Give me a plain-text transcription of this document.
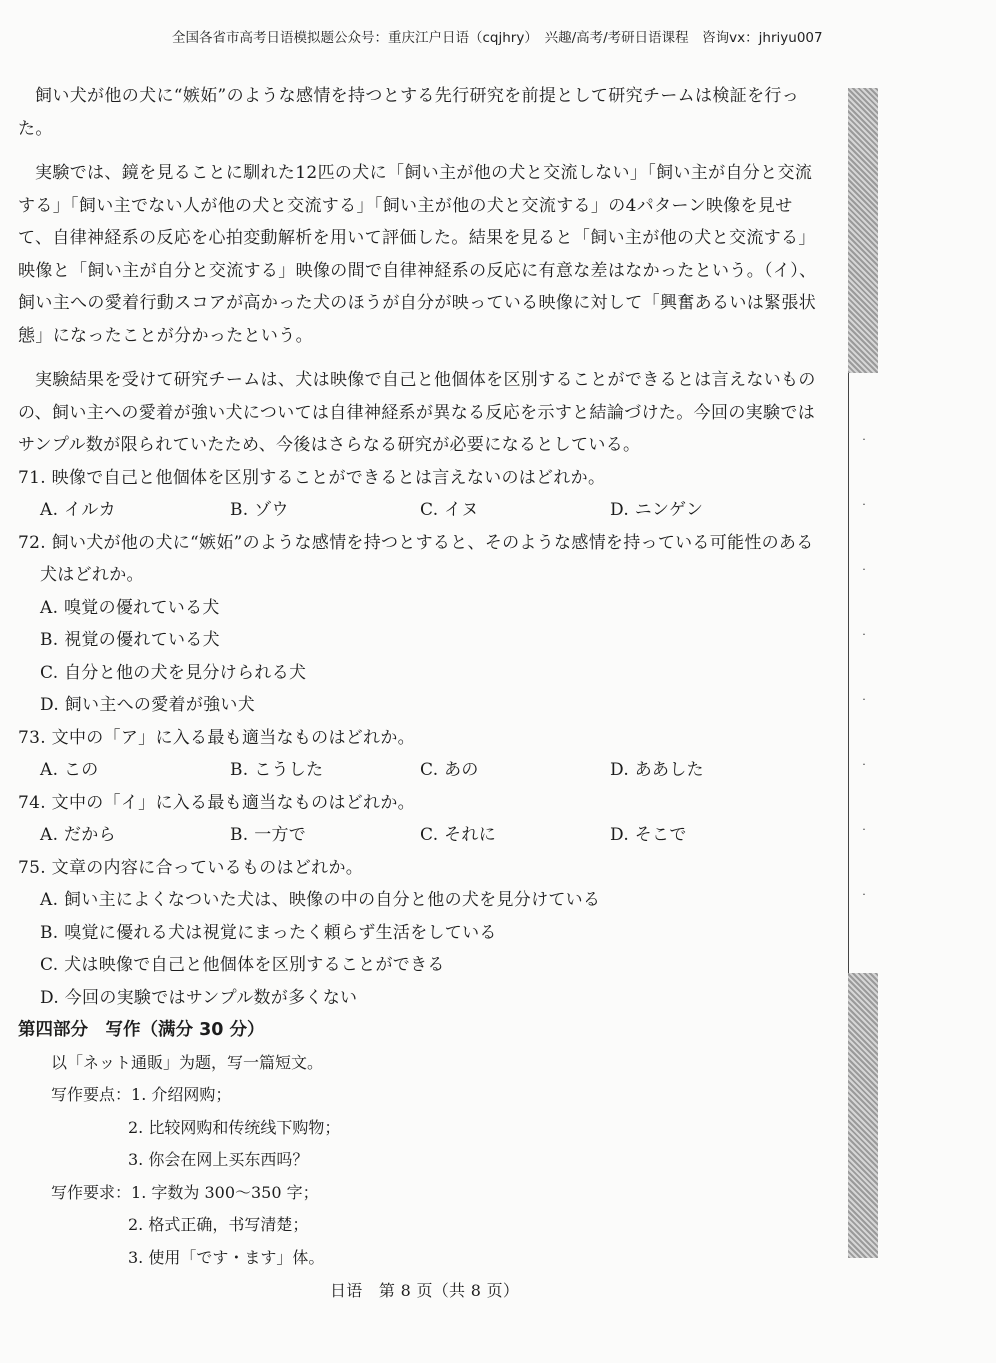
全国各省市高考日语模拟题公众号：重庆江户日语（cqjhry）　兴趣/高考/考研日语课程　咨询vx：jhriyu007

飼い犬が他の犬に“嫉妬”のような感情を持つとする先行研究を前提として研究チームは検証を行った。

実験では、鏡を見ることに馴れた12匹の犬に「飼い主が他の犬と交流しない」「飼い主が自分と交流する」「飼い主でない人が他の犬と交流する」「飼い主が他の犬と交流する」の4パターン映像を見せて、自律神経系の反応を心拍変動解析を用いて評価した。結果を見ると「飼い主が他の犬と交流する」映像と「飼い主が自分と交流する」映像の間で自律神経系の反応に有意な差はなかったという。（イ）、飼い主への愛着行動スコアが高かった犬のほうが自分が映っている映像に対して「興奮あるいは緊張状態」になったことが分かったという。

実験結果を受けて研究チームは、犬は映像で自己と他個体を区別することができるとは言えないものの、飼い主への愛着が強い犬については自律神経系が異なる反応を示すと結論づけた。今回の実験ではサンプル数が限られていたため、今後はさらなる研究が必要になるとしている。

71. 映像で自己と他個体を区別することができるとは言えないのはどれか。

A. イルカ	B. ゾウ	C. イヌ	D. ニンゲン

72. 飼い犬が他の犬に“嫉妬”のような感情を持つとすると、そのような感情を持っている可能性のある

犬はどれか。

A. 嗅覚の優れている犬
B. 視覚の優れている犬
C. 自分と他の犬を見分けられる犬
D. 飼い主への愛着が強い犬

73. 文中の「ア」に入る最も適当なものはどれか。

A. この	B. こうした	C. あの	D. ああした

74. 文中の「イ」に入る最も適当なものはどれか。

A. だから	B. 一方で	C. それに	D. そこで

75. 文章の内容に合っているものはどれか。

A. 飼い主によくなついた犬は、映像の中の自分と他の犬を見分けている
B. 嗅覚に優れる犬は視覚にまったく頼らず生活をしている
C. 犬は映像で自己と他個体を区別することができる
D. 今回の実験ではサンプル数が多くない

第四部分　写作（满分 30 分）

以「ネット通販」为题，写一篇短文。

写作要点：1. 介绍网购；

2. 比较网购和传统线下购物；

3. 你会在网上买东西吗？

写作要求：1. 字数为 300～350 字；

2. 格式正确，书写清楚；

3. 使用「です・ます」体。

日语　第 8 页（共 8 页）
·
·
·
·
·
·
·
·
